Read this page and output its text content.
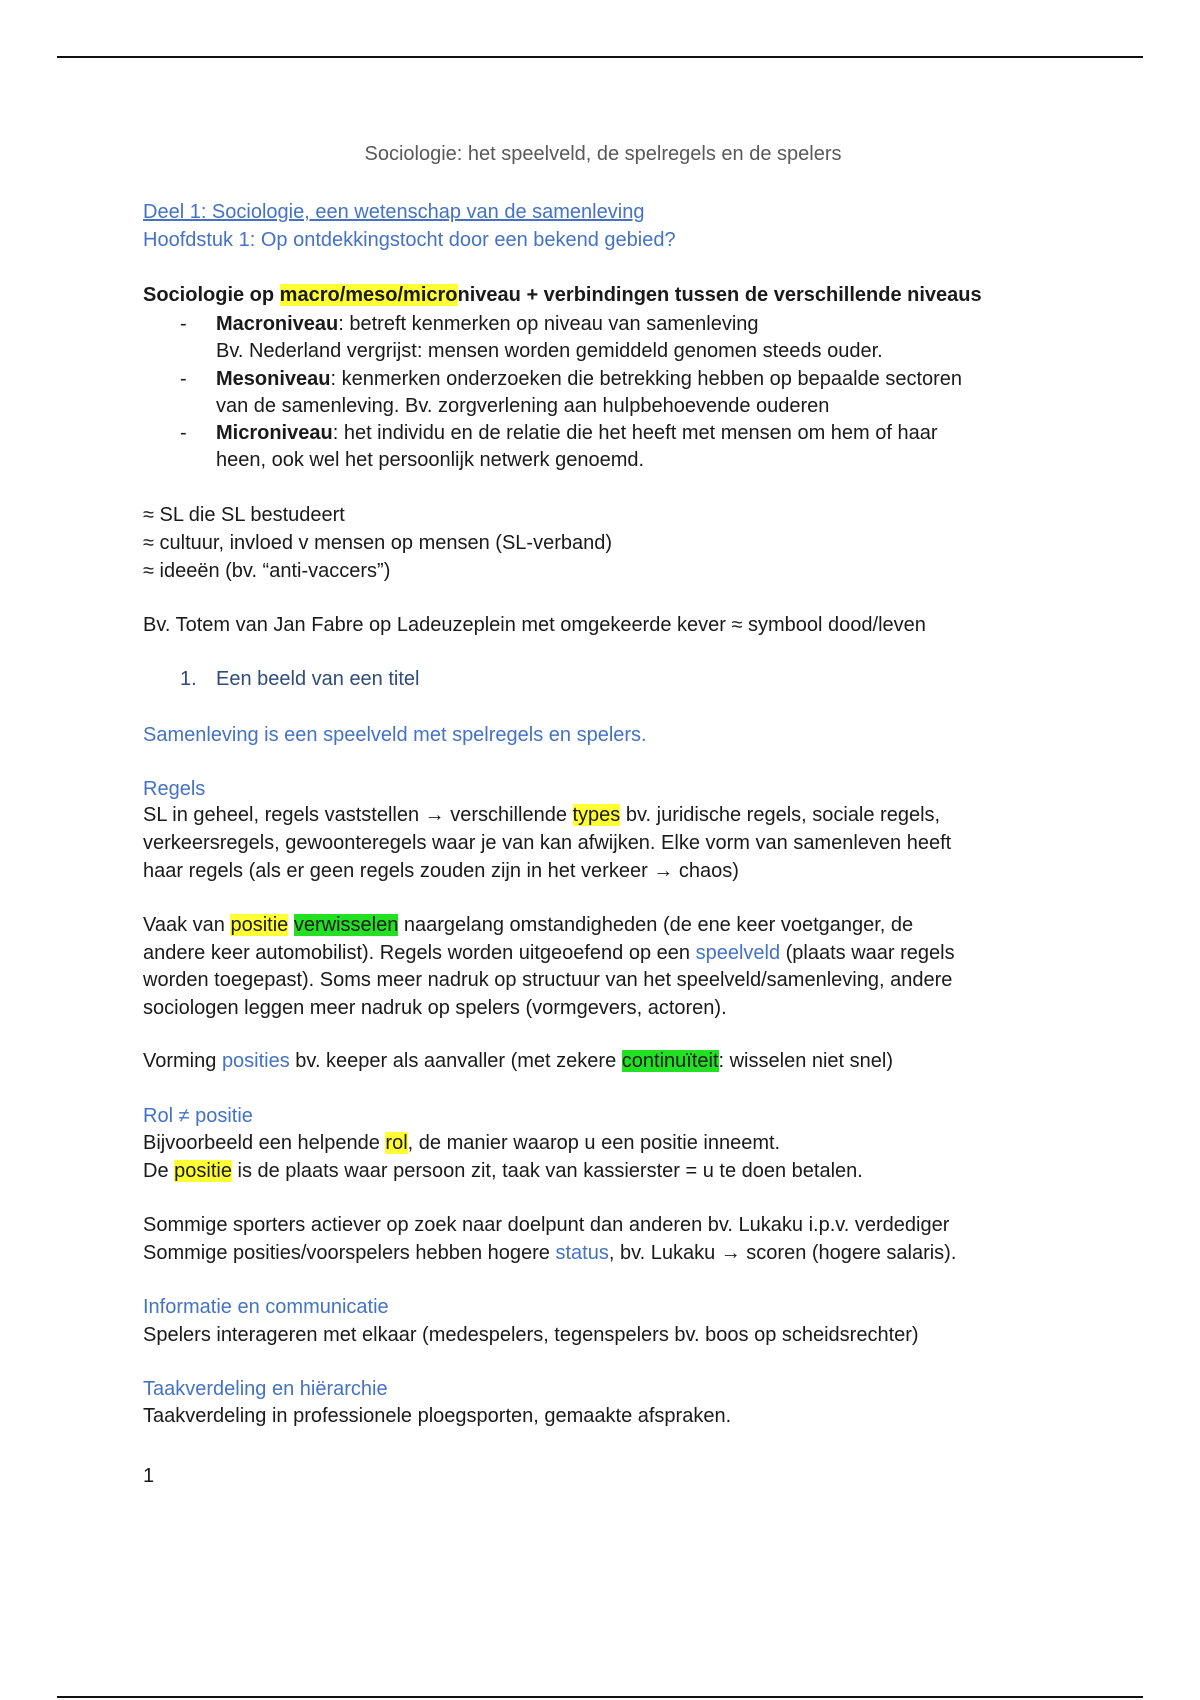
Sociologie: het speelveld, de spelregels en de spelers
Deel 1: Sociologie, een wetenschap van de samenleving
Hoofdstuk 1: Op ontdekkingstocht door een bekend gebied?
Sociologie op macro/meso/microniveau + verbindingen tussen de verschillende niveaus
- Macroniveau: betreft kenmerken op niveau van samenleving
Bv. Nederland vergrijst: mensen worden gemiddeld genomen steeds ouder.
- Mesoniveau: kenmerken onderzoeken die betrekking hebben op bepaalde sectoren
van de samenleving. Bv. zorgverlening aan hulpbehoevende ouderen
- Microniveau: het individu en de relatie die het heeft met mensen om hem of haar
heen, ook wel het persoonlijk netwerk genoemd.
≈ SL die SL bestudeert
≈ cultuur, invloed v mensen op mensen (SL-verband)
≈ ideeën (bv. “anti-vaccers”)
Bv. Totem van Jan Fabre op Ladeuzeplein met omgekeerde kever ≈ symbool dood/leven
1. Een beeld van een titel
Samenleving is een speelveld met spelregels en spelers.
Regels
SL in geheel, regels vaststellen → verschillende types bv. juridische regels, sociale regels,
verkeersregels, gewoonteregels waar je van kan afwijken. Elke vorm van samenleven heeft
haar regels (als er geen regels zouden zijn in het verkeer → chaos)
Vaak van positie verwisselen naargelang omstandigheden (de ene keer voetganger, de
andere keer automobilist). Regels worden uitgeoefend op een speelveld (plaats waar regels
worden toegepast). Soms meer nadruk op structuur van het speelveld/samenleving, andere
sociologen leggen meer nadruk op spelers (vormgevers, actoren).
Vorming posities bv. keeper als aanvaller (met zekere continuïteit: wisselen niet snel)
Rol ≠ positie
Bijvoorbeeld een helpende rol, de manier waarop u een positie inneemt.
De positie is de plaats waar persoon zit, taak van kassierster = u te doen betalen.
Sommige sporters actiever op zoek naar doelpunt dan anderen bv. Lukaku i.p.v. verdediger
Sommige posities/voorspelers hebben hogere status, bv. Lukaku → scoren (hogere salaris).
Informatie en communicatie
Spelers interageren met elkaar (medespelers, tegenspelers bv. boos op scheidsrechter)
Taakverdeling en hiërarchie
Taakverdeling in professionele ploegsporten, gemaakte afspraken.
1
